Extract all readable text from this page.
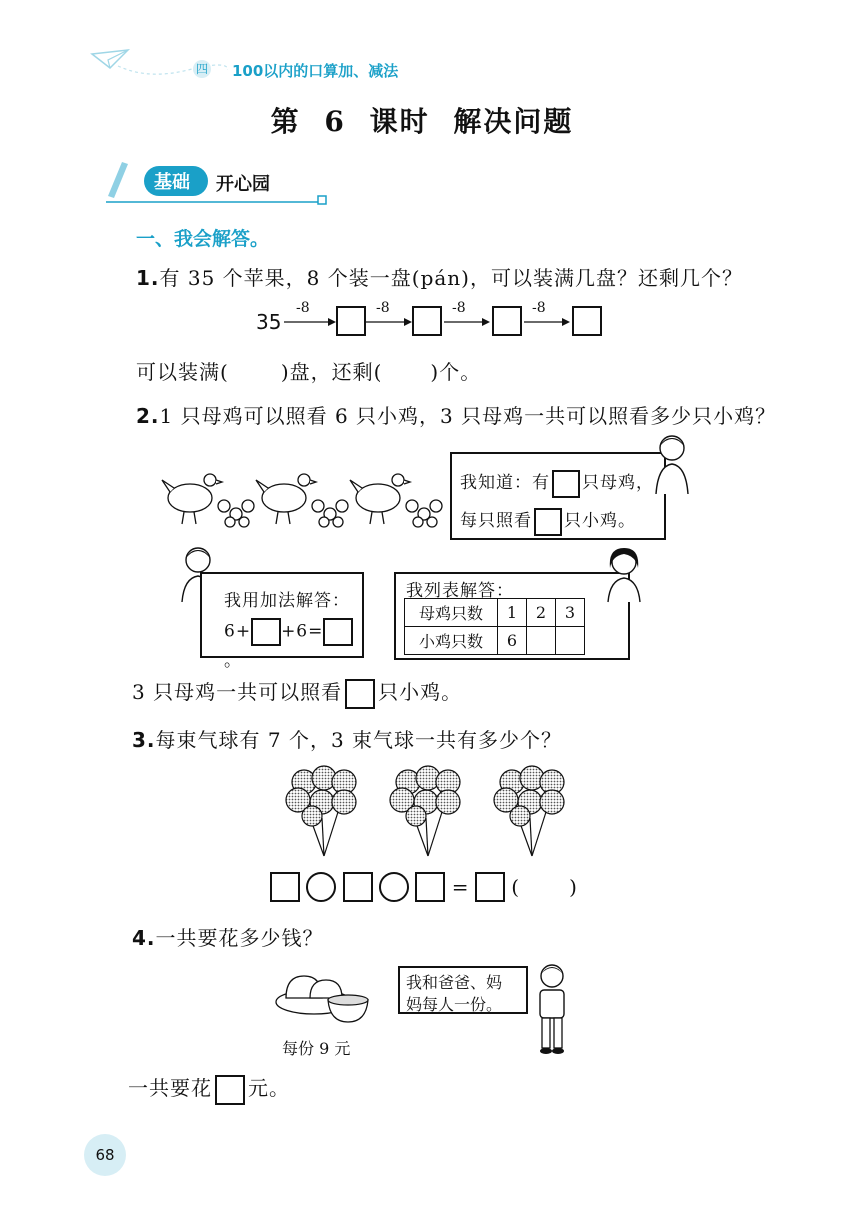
四 100以内的口算加、减法
第 6 课时 解决问题
基础 开心园
一、我会解答。
1.有 35 个苹果，8 个装一盘(pán)，可以装满几盘？还剩几个？
35
-8	-8	-8	-8
可以装满(	)盘，还剩( )个。
2.1 只母鸡可以照看 6 只小鸡，3 只母鸡一共可以照看多少只小鸡？
我知道：有 只母鸡，
每只照看 只小鸡。
我用加法解答：
6+ +6=。
我列表解答：
母鸡只数	1	2	3
小鸡只数	6		
3 只母鸡一共可以照看 只小鸡。
3.每束气球有 7 个，3 束气球一共有多少个？
= (	)
4.一共要花多少钱？
每份 9 元
我和爸爸、妈
妈每人一份。
一共要花 元。
68
